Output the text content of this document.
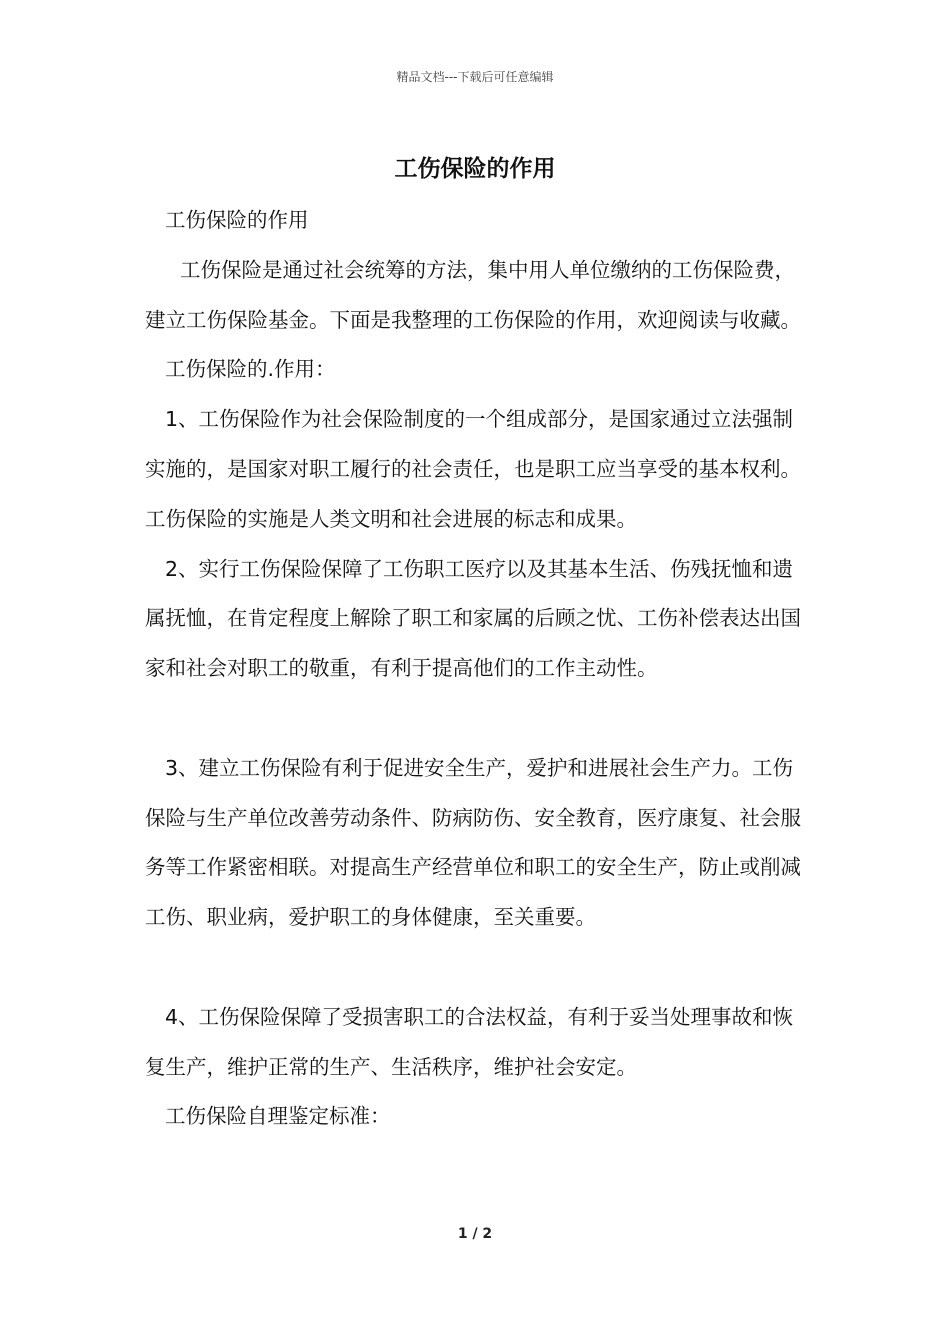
精品文档---下载后可任意编辑
工伤保险的作用

工伤保险的作用

工伤保险是通过社会统筹的方法，集中用人单位缴纳的工伤保险费，建立工伤保险基金。下面是我整理的工伤保险的作用，欢迎阅读与收藏。

工伤保险的.作用：

1、工伤保险作为社会保险制度的一个组成部分，是国家通过立法强制实施的，是国家对职工履行的社会责任，也是职工应当享受的基本权利。工伤保险的实施是人类文明和社会进展的标志和成果。

2、实行工伤保险保障了工伤职工医疗以及其基本生活、伤残抚恤和遗属抚恤，在肯定程度上解除了职工和家属的后顾之忧、工伤补偿表达出国家和社会对职工的敬重，有利于提高他们的工作主动性。

3、建立工伤保险有利于促进安全生产，爱护和进展社会生产力。工伤保险与生产单位改善劳动条件、防病防伤、安全教育，医疗康复、社会服务等工作紧密相联。对提高生产经营单位和职工的安全生产，防止或削减工伤、职业病，爱护职工的身体健康，至关重要。

4、工伤保险保障了受损害职工的合法权益，有利于妥当处理事故和恢复生产，维护正常的生产、生活秩序，维护社会安定。

工伤保险自理鉴定标准：

1 / 2
